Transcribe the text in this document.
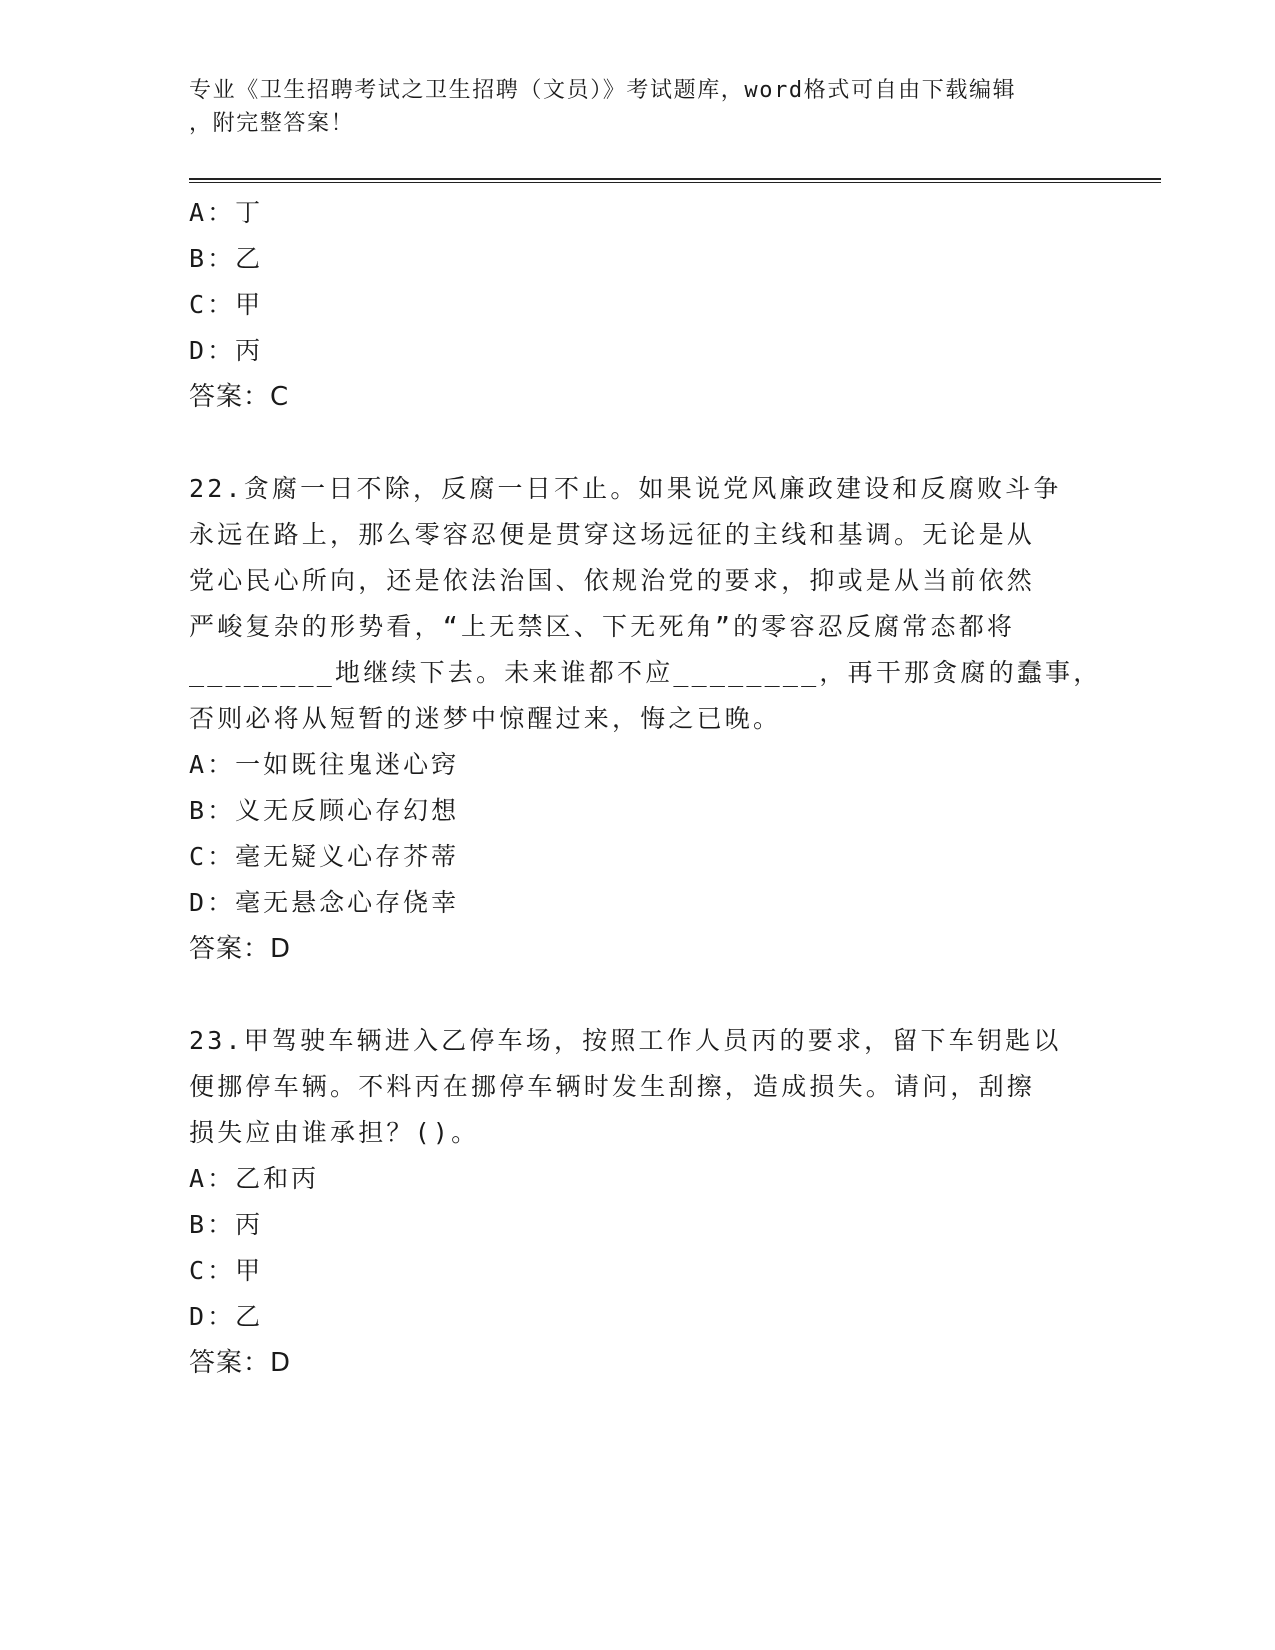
专业《卫生招聘考试之卫生招聘（文员）》考试题库，word格式可自由下载编辑
，附完整答案！
A：丁
B：乙
C：甲
D：丙
答案：C
22.贪腐一日不除，反腐一日不止。如果说党风廉政建设和反腐败斗争
永远在路上，那么零容忍便是贯穿这场远征的主线和基调。无论是从
党心民心所向，还是依法治国、依规治党的要求，抑或是从当前依然
严峻复杂的形势看，“上无禁区、下无死角”的零容忍反腐常态都将
________地继续下去。未来谁都不应________，再干那贪腐的蠢事，
否则必将从短暂的迷梦中惊醒过来，悔之已晚。
A：一如既往鬼迷心窍
B：义无反顾心存幻想
C：毫无疑义心存芥蒂
D：毫无悬念心存侥幸
答案：D
23.甲驾驶车辆进入乙停车场，按照工作人员丙的要求，留下车钥匙以
便挪停车辆。不料丙在挪停车辆时发生刮擦，造成损失。请问，刮擦
损失应由谁承担？()。
A：乙和丙
B：丙
C：甲
D：乙
答案：D
